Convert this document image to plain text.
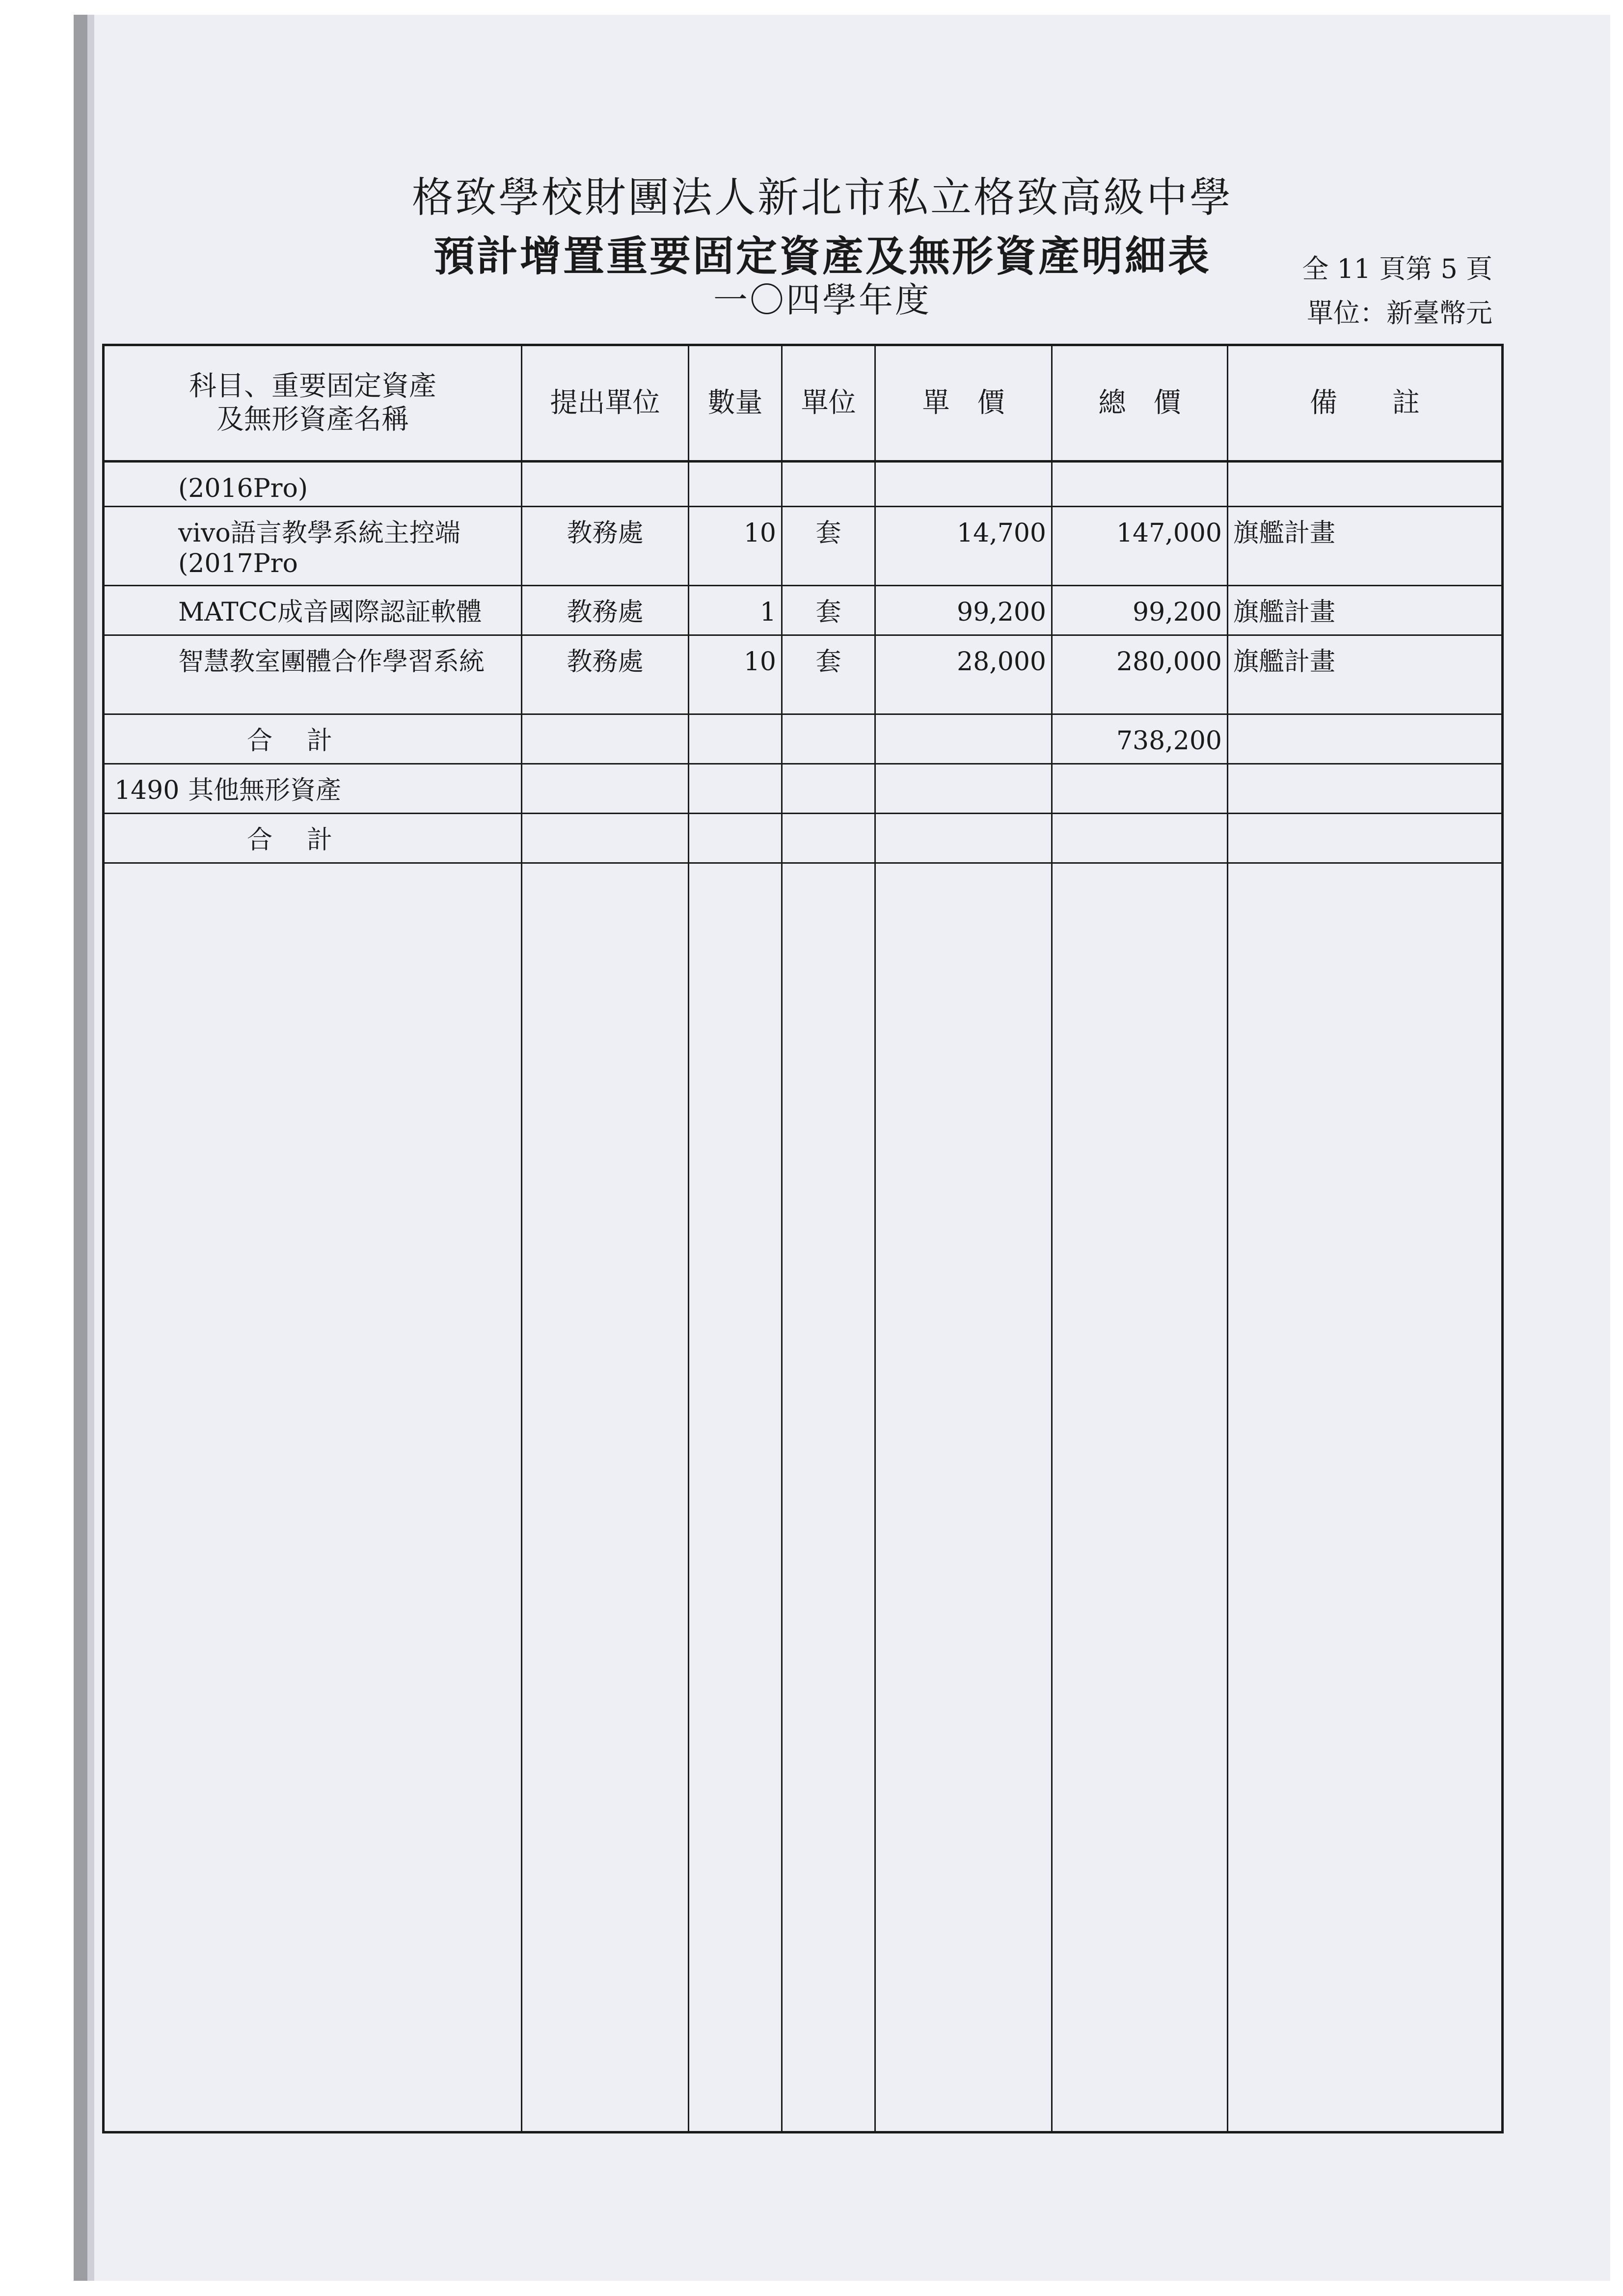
格致學校財團法人新北市私立格致高級中學
預計增置重要固定資產及無形資產明細表
一〇四學年度
全 11 頁第 5 頁
單位：新臺幣元
科目、重要固定資產
及無形資產名稱	提出單位	數量	單位	單　價	總　價	備　　註

(2016Pro)						

vivo語言教學系統主控端(2017Pro	教務處	10	套	14,700	147,000	旗艦計畫

MATCC成音國際認証軟體	教務處	1	套	99,200	99,200	旗艦計畫

智慧教室團體合作學習系統	教務處	10	套	28,000	280,000	旗艦計畫

合計					738,200	

1490 其他無形資產						

合計						
